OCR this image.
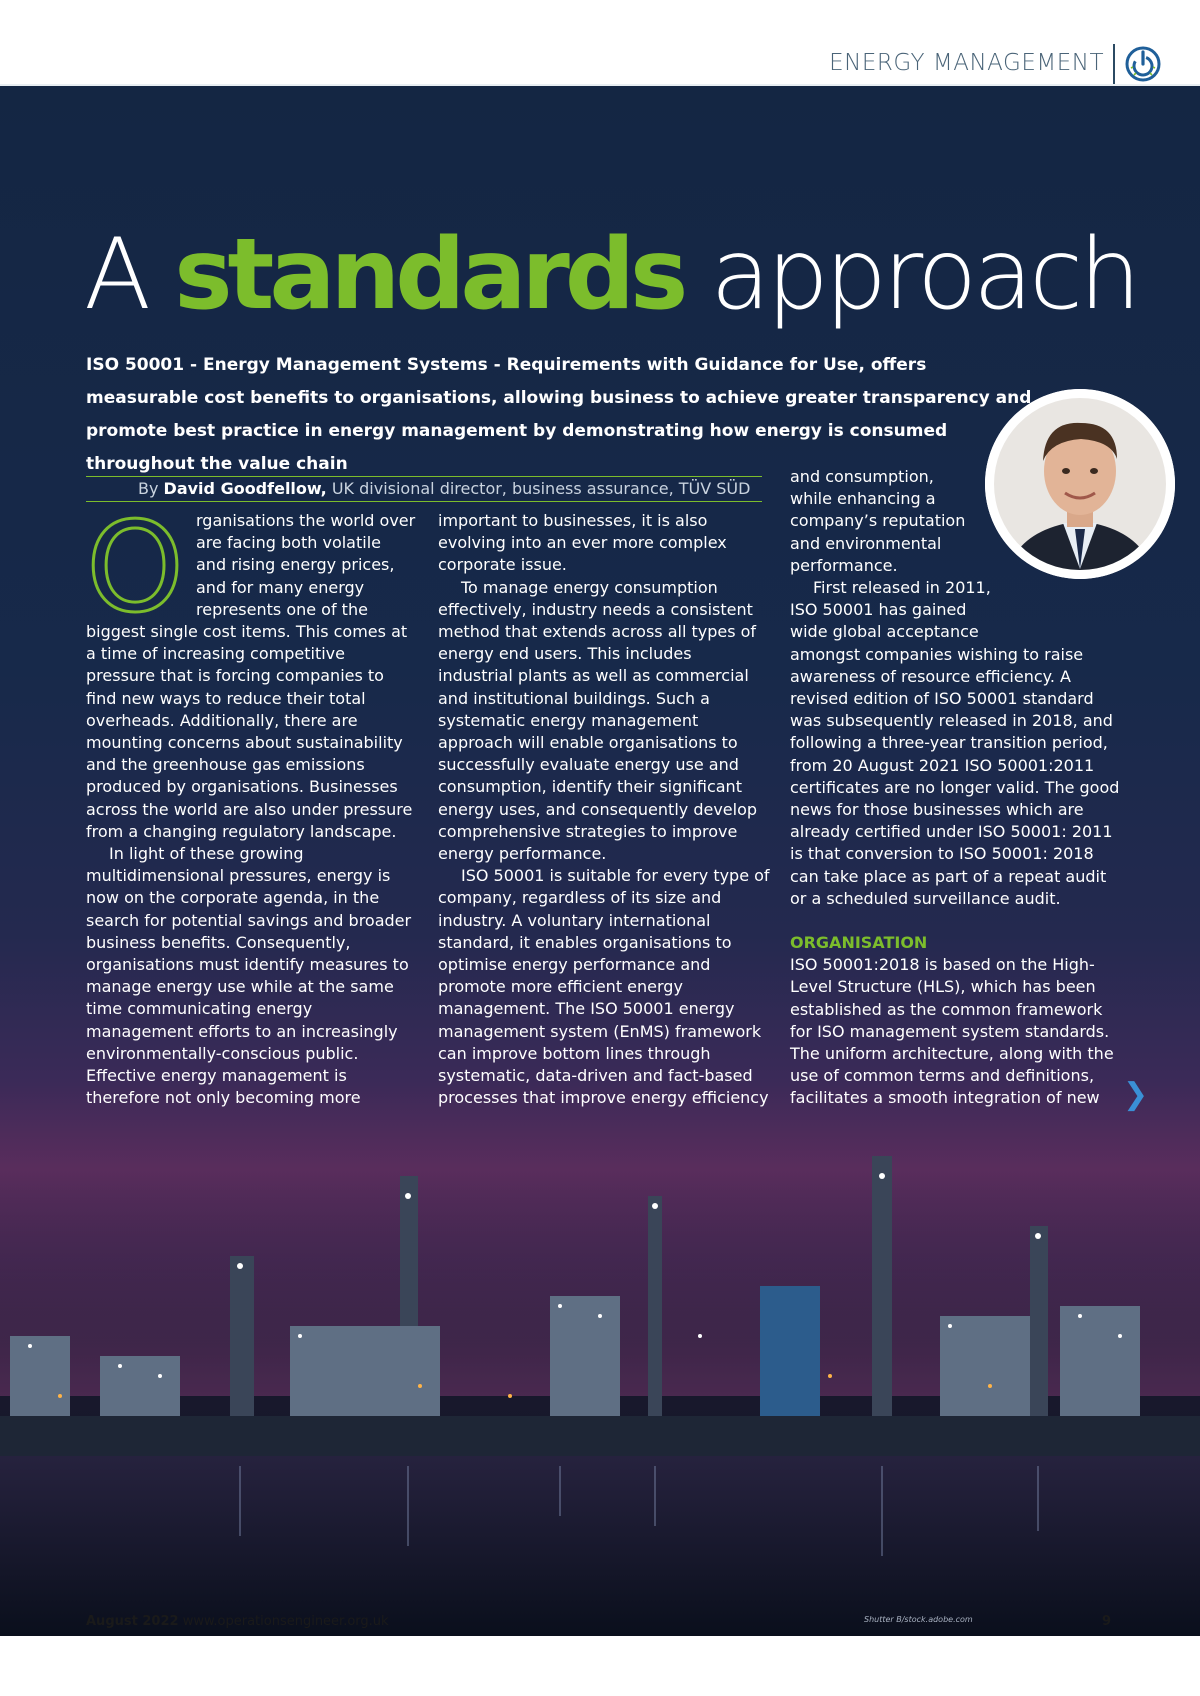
ENERGY MANAGEMENT
A standards approach
ISO 50001 - Energy Management Systems - Requirements with Guidance for Use, offers measurable cost benefits to organisations, allowing business to achieve greater transparency and promote best practice in energy management by demonstrating how energy is consumed throughout the value chain
By David Goodfellow, UK divisional director, business assurance, TÜV SÜD
O rganisations the world over are facing both volatile and rising energy prices, and for many energy represents one of the biggest single cost items. This comes at a time of increasing competitive pressure that is forcing companies to find new ways to reduce their total overheads. Additionally, there are mounting concerns about sustainability and the greenhouse gas emissions produced by organisations. Businesses across the world are also under pressure from a changing regulatory landscape.

In light of these growing multidimensional pressures, energy is now on the corporate agenda, in the search for potential savings and broader business benefits. Consequently, organisations must identify measures to manage energy use while at the same time communicating energy management efforts to an increasingly environmentally-conscious public. Effective energy management is therefore not only becoming more

important to businesses, it is also evolving into an ever more complex corporate issue.

To manage energy consumption effectively, industry needs a consistent method that extends across all types of energy end users. This includes industrial plants as well as commercial and institutional buildings. Such a systematic energy management approach will enable organisations to successfully evaluate energy use and consumption, identify their significant energy uses, and consequently develop comprehensive strategies to improve energy performance.

ISO 50001 is suitable for every type of company, regardless of its size and industry. A voluntary international standard, it enables organisations to optimise energy performance and promote more efficient energy management. The ISO 50001 energy management system (EnMS) framework can improve bottom lines through systematic, data-driven and fact-based processes that improve energy efficiency

and consumption,
while enhancing a
company’s reputation
and environmental
performance.
First released in 2011,
ISO 50001 has gained
wide global acceptance

amongst companies wishing to raise awareness of resource efficiency. A revised edition of ISO 50001 standard was subsequently released in 2018, and following a three-year transition period, from 20 August 2021 ISO 50001:2011 certificates are no longer valid. The good news for those businesses which are already certified under ISO 50001: 2011 is that conversion to ISO 50001: 2018 can take place as part of a repeat audit or a scheduled surveillance audit.

ORGANISATION

ISO 50001:2018 is based on the High-Level Structure (HLS), which has been established as the common framework for ISO management system standards. The uniform architecture, along with the use of common terms and definitions, facilitates a smooth integration of new ❯
Shutter B/stock.adobe.com
August 2022 www.operationsengineer.org.uk	9
